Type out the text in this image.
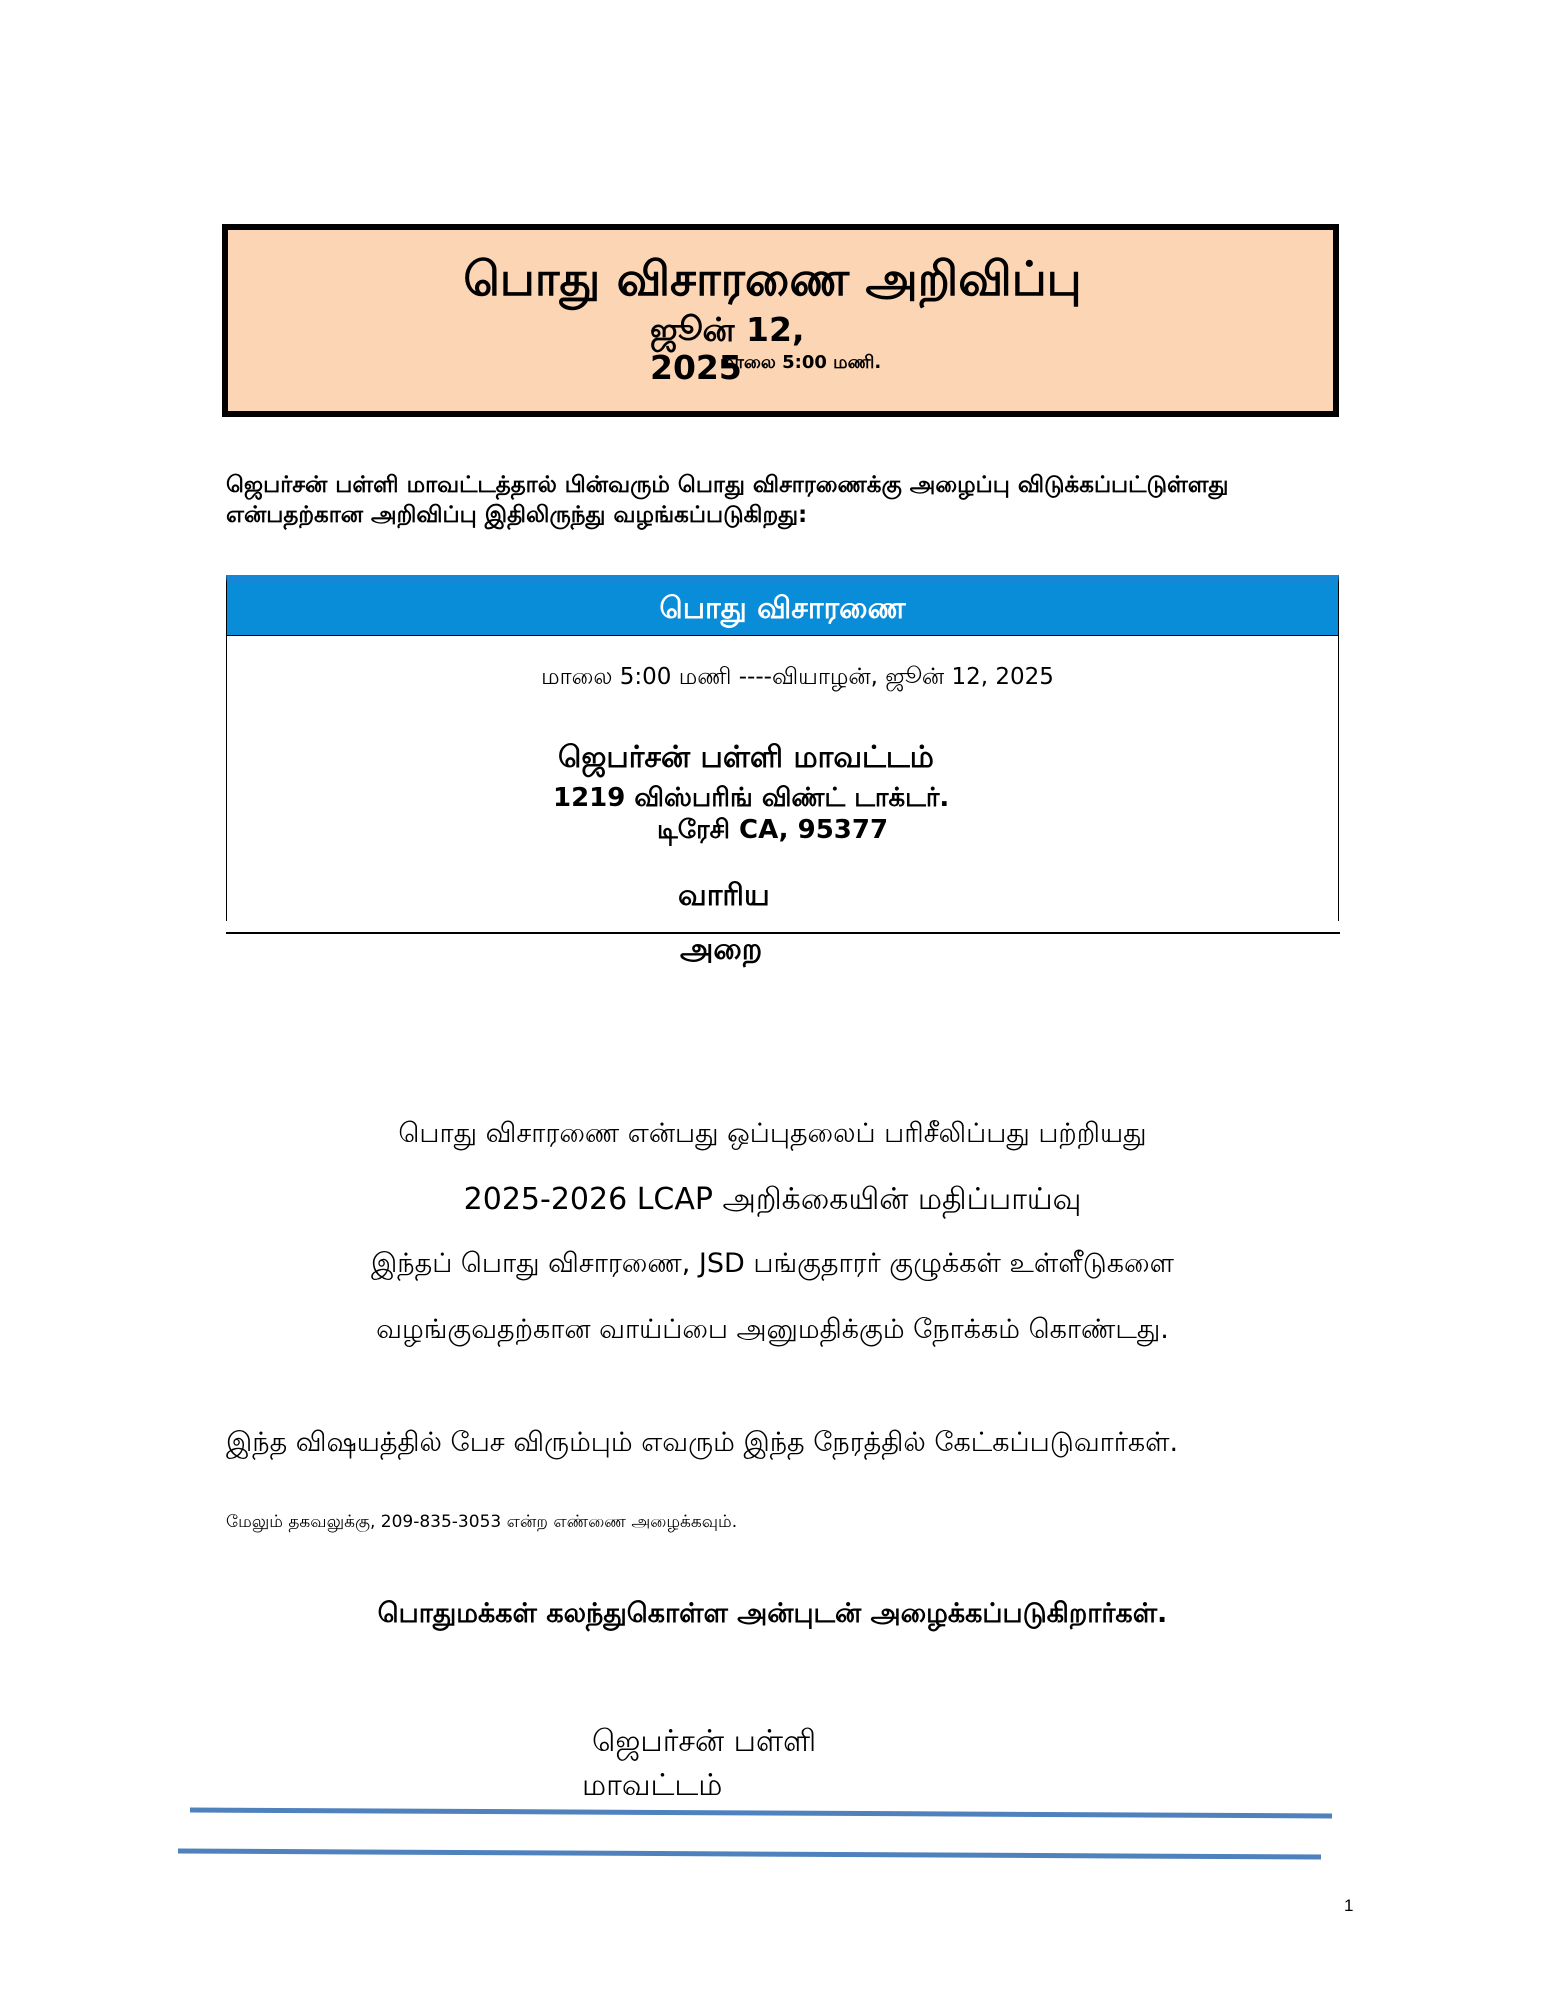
பொது விசாரணை அறிவிப்பு
ஜூன் 12,
2025
மாலை 5:00 மணி.
ஜெபர்சன் பள்ளி மாவட்டத்தால் பின்வரும் பொது விசாரணைக்கு அழைப்பு விடுக்கப்பட்டுள்ளது என்பதற்கான அறிவிப்பு இதிலிருந்து வழங்கப்படுகிறது:
பொது விசாரணை
மாலை 5:00 மணி ----வியாழன், ஜூன் 12, 2025
ஜெபர்சன் பள்ளி மாவட்டம்
1219 விஸ்பரிங் விண்ட் டாக்டர்.
டிரேசி CA, 95377
வாரிய
அறை
பொது விசாரணை என்பது ஒப்புதலைப் பரிசீலிப்பது பற்றியது
2025-2026 LCAP அறிக்கையின் மதிப்பாய்வு
இந்தப் பொது விசாரணை, JSD பங்குதாரர் குழுக்கள் உள்ளீடுகளை
வழங்குவதற்கான வாய்ப்பை அனுமதிக்கும் நோக்கம் கொண்டது.
இந்த விஷயத்தில் பேச விரும்பும் எவரும் இந்த நேரத்தில் கேட்கப்படுவார்கள்.
மேலும் தகவலுக்கு, 209-835-3053 என்ற எண்ணை அழைக்கவும்.
பொதுமக்கள் கலந்துகொள்ள அன்புடன் அழைக்கப்படுகிறார்கள்.
ஜெபர்சன் பள்ளி
மாவட்டம்
1
